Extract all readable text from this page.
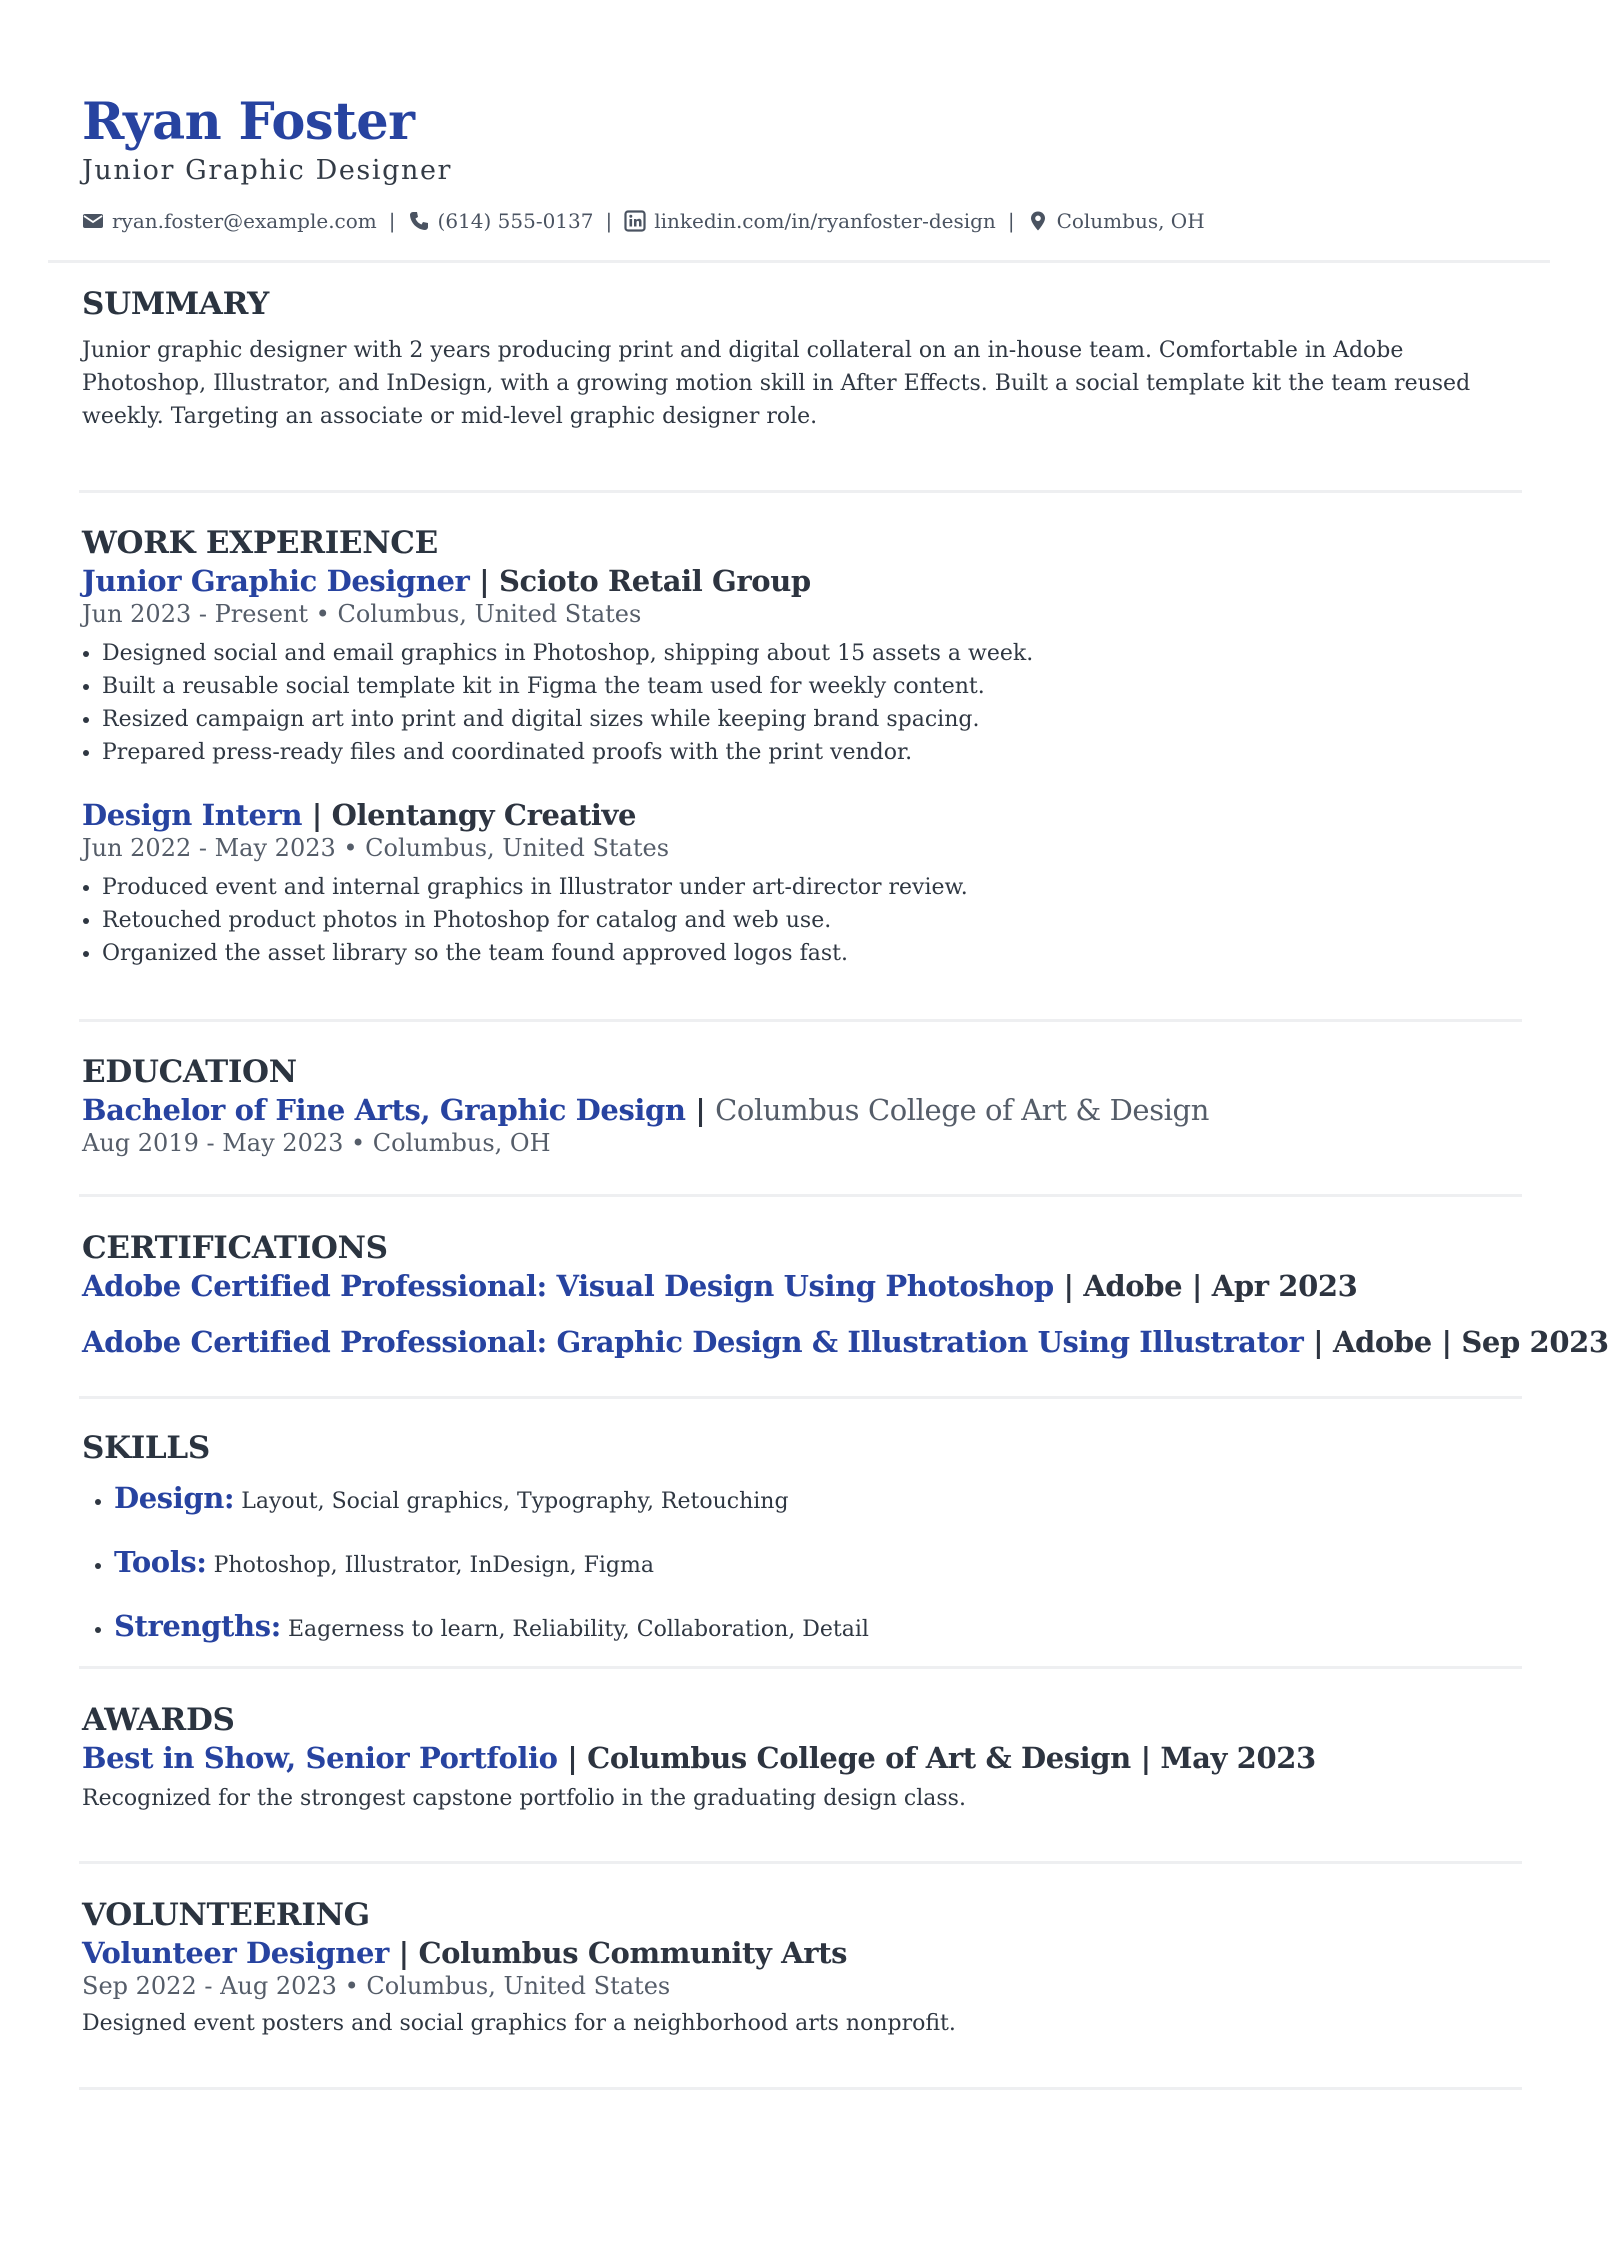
Ryan Foster

Junior Graphic Designer

ryan.foster@example.com | (614) 555-0137 | linkedin.com/in/ryanfoster-design | Columbus, OH
SUMMARY

Junior graphic designer with 2 years producing print and digital collateral on an in-house team. Comfortable in Adobe Photoshop, Illustrator, and InDesign, with a growing motion skill in After Effects. Built a social template kit the team reused weekly. Targeting an associate or mid-level graphic designer role.

WORK EXPERIENCE

Junior Graphic Designer | Scioto Retail Group

Jun 2023 - Present • Columbus, United States

• Designed social and email graphics in Photoshop, shipping about 15 assets a week.
• Built a reusable social template kit in Figma the team used for weekly content.
• Resized campaign art into print and digital sizes while keeping brand spacing.
• Prepared press-ready files and coordinated proofs with the print vendor.

Design Intern | Olentangy Creative

Jun 2022 - May 2023 • Columbus, United States

• Produced event and internal graphics in Illustrator under art-director review.
• Retouched product photos in Photoshop for catalog and web use.
• Organized the asset library so the team found approved logos fast.
EDUCATION

Bachelor of Fine Arts, Graphic Design | Columbus College of Art & Design

Aug 2019 - May 2023 • Columbus, OH

CERTIFICATIONS

Adobe Certified Professional: Visual Design Using Photoshop | Adobe | Apr 2023

Adobe Certified Professional: Graphic Design & Illustration Using Illustrator | Adobe | Sep 2023

SKILLS
• Design: Layout, Social graphics, Typography, Retouching
• Tools: Photoshop, Illustrator, InDesign, Figma
• Strengths: Eagerness to learn, Reliability, Collaboration, Detail
AWARDS

Best in Show, Senior Portfolio | Columbus College of Art & Design | May 2023

Recognized for the strongest capstone portfolio in the graduating design class.

VOLUNTEERING

Volunteer Designer | Columbus Community Arts

Sep 2022 - Aug 2023 • Columbus, United States

Designed event posters and social graphics for a neighborhood arts nonprofit.
